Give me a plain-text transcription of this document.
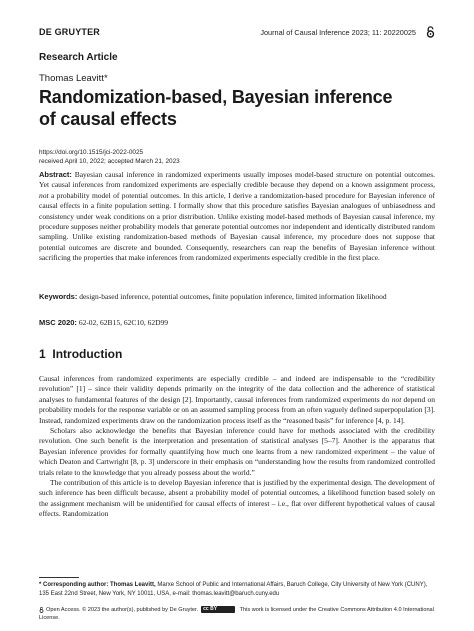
DE GRUYTER	Journal of Causal Inference 2023; 11: 20220025
Research Article
Thomas Leavitt*
Randomization-based, Bayesian inference of causal effects
https://doi.org/10.1515/jci-2022-0025
received April 10, 2022; accepted March 21, 2023
Abstract: Bayesian causal inference in randomized experiments usually imposes model-based structure on potential outcomes. Yet causal inferences from randomized experiments are especially credible because they depend on a known assignment process, not a probability model of potential outcomes. In this article, I derive a randomization-based procedure for Bayesian inference of causal effects in a finite population setting. I formally show that this procedure satisfies Bayesian analogues of unbiasedness and consistency under weak conditions on a prior distribution. Unlike existing model-based methods of Bayesian causal inference, my procedure supposes neither probability models that generate potential outcomes nor independent and identically distributed random sampling. Unlike existing randomization-based methods of Bayesian causal inference, my procedure does not suppose that potential outcomes are discrete and bounded. Consequently, researchers can reap the benefits of Bayesian inference without sacrificing the properties that make inferences from randomized experiments especially credible in the first place.
Keywords: design-based inference, potential outcomes, finite population inference, limited information likelihood
MSC 2020: 62-02, 62B15, 62C10, 62D99
1 Introduction

Causal inferences from randomized experiments are especially credible – and indeed are indispensable to the “credibility revolution” [1] – since their validity depends primarily on the integrity of the data collection and the adherence of statistical analyses to fundamental features of the design [2]. Importantly, causal inferences from randomized experiments do not depend on probability models for the response variable or on an assumed sampling process from an often vaguely defined superpopulation [3]. Instead, randomized experiments draw on the randomization process itself as the “reasoned basis” for inference [4, p. 14].

Scholars also acknowledge the benefits that Bayesian inference could have for methods associated with the credibility revolution. One such benefit is the interpretation and presentation of statistical analyses [5–7]. Another is the apparatus that Bayesian inference provides for formally quantifying how much one learns from a new randomized experiment – the value of which Deaton and Cartwright [8, p. 3] underscore in their emphasis on “understanding how the results from randomized controlled trials relate to the knowledge that you already possess about the world.”

The contribution of this article is to develop Bayesian inference that is justified by the experimental design. The development of such inference has been difficult because, absent a probability model of potential outcomes, a likelihood function based solely on the assignment mechanism will be unidentified for causal effects of interest – i.e., flat over different hypothetical values of causal effects. Randomization

* Corresponding author: Thomas Leavitt, Marxe School of Public and International Affairs, Baruch College, City University of New York (CUNY), 135 East 22nd Street, New York, NY 10011, USA, e-mail: thomas.leavitt@baruch.cuny.edu
Open Access. © 2023 the author(s), published by De Gruyter. cc BY	This work is licensed under the Creative Commons Attribution 4.0 International License.
